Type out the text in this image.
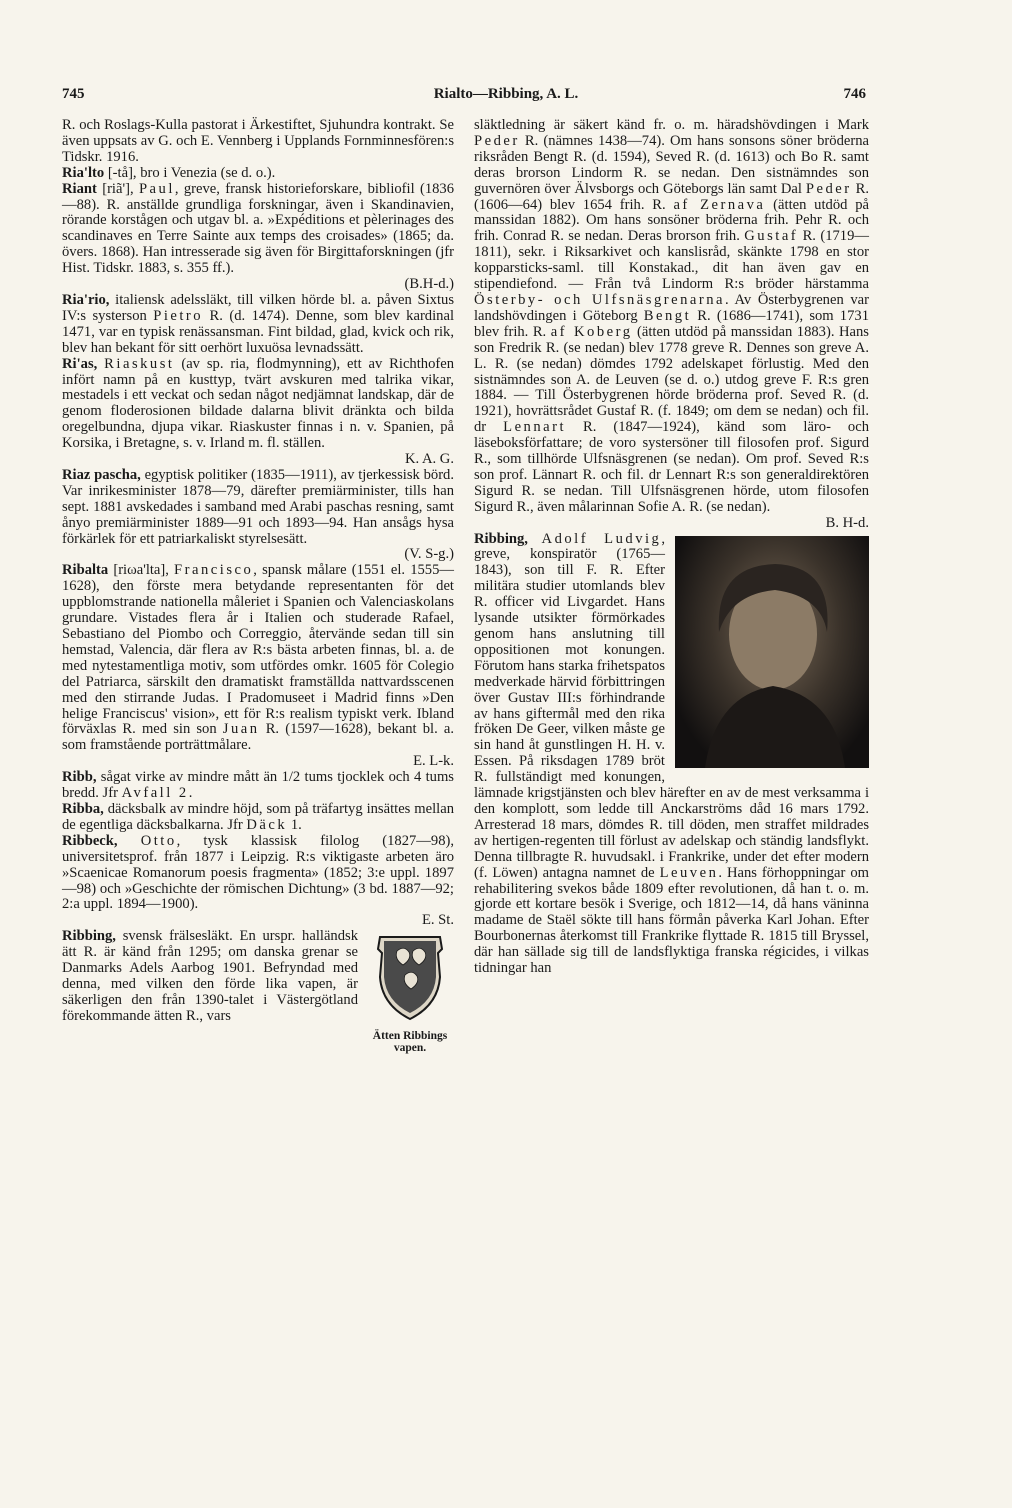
745	Rialto—Ribbing, A. L.	746

R. och Roslags-Kulla pastorat i Ärkestiftet, Sjuhundra kontrakt. Se även uppsats av G. och E. Vennberg i Upplands Fornminnesfören:s Tidskr. 1916.

Ria'lto [-tå], bro i Venezia (se d. o.).

Riant [riã'], Paul, greve, fransk historieforskare, bibliofil (1836—88). R. anställde grundliga forskningar, även i Skandinavien, rörande korstågen och utgav bl. a. »Expéditions et pèlerinages des scandinaves en Terre Sainte aux temps des croisades» (1865; da. övers. 1868). Han intresserade sig även för Birgittaforskningen (jfr Hist. Tidskr. 1883, s. 355 ff.).
(B.H-d.)

Ria'rio, italiensk adelssläkt, till vilken hörde bl. a. påven Sixtus IV:s systerson Pietro R. (d. 1474). Denne, som blev kardinal 1471, var en typisk renässansman. Fint bildad, glad, kvick och rik, blev han bekant för sitt oerhört luxuösa levnadssätt.

Ri'as, Riaskust (av sp. ria, flodmynning), ett av Richthofen infört namn på en kusttyp, tvärt avskuren med talrika vikar, mestadels i ett veckat och sedan något nedjämnat landskap, där de genom floderosionen bildade dalarna blivit dränkta och bilda oregelbundna, djupa vikar. Riaskuster finnas i n. v. Spanien, på Korsika, i Bretagne, s. v. Irland m. fl. ställen.
K. A. G.

Riaz pascha, egyptisk politiker (1835—1911), av tjerkessisk börd. Var inrikesminister 1878—79, därefter premiärminister, tills han sept. 1881 avskedades i samband med Arabi paschas resning, samt ånyo premiärminister 1889—91 och 1893—94. Han ansågs hysa förkärlek för ett patriarkaliskt styrelsesätt.
(V. S-g.)

Ribalta [riωa'lta], Francisco, spansk målare (1551 el. 1555—1628), den förste mera betydande representanten för det uppblomstrande nationella måleriet i Spanien och Valenciaskolans grundare. Vistades flera år i Italien och studerade Rafael, Sebastiano del Piombo och Correggio, återvände sedan till sin hemstad, Valencia, där flera av R:s bästa arbeten finnas, bl. a. de med nytestamentliga motiv, som utfördes omkr. 1605 för Colegio del Patriarca, särskilt den dramatiskt framställda nattvardsscenen med den stirrande Judas. I Pradomuseet i Madrid finns »Den helige Franciscus' vision», ett för R:s realism typiskt verk. Ibland förväxlas R. med sin son Juan R. (1597—1628), bekant bl. a. som framstående porträttmålare.
E. L-k.

Ribb, sågat virke av mindre mått än 1/2 tums tjocklek och 4 tums bredd. Jfr Avfall 2.

Ribba, däcksbalk av mindre höjd, som på träfartyg insättes mellan de egentliga däcksbalkarna. Jfr Däck 1.

Ribbeck, Otto, tysk klassisk filolog (1827—98), universitetsprof. från 1877 i Leipzig. R:s viktigaste arbeten äro »Scaenicae Romanorum poesis fragmenta» (1852; 3:e uppl. 1897—98) och »Geschichte der römischen Dichtung» (3 bd. 1887—92; 2:a uppl. 1894—1900).
E. St.

Ätten Ribbings vapen.

Ribbing, svensk frälsesläkt. En urspr. halländsk ätt R. är känd från 1295; om danska grenar se Danmarks Adels Aarbog 1901. Befryndad med denna, med vilken den förde lika vapen, är säkerligen den från 1390-talet i Västergötland förekommande ätten R., vars

släktledning är säkert känd fr. o. m. häradshövdingen i Mark Peder R. (nämnes 1438—74). Om hans sonsons söner bröderna riksråden Bengt R. (d. 1594), Seved R. (d. 1613) och Bo R. samt deras brorson Lindorm R. se nedan. Den sistnämndes son guvernören över Älvsborgs och Göteborgs län samt Dal Peder R. (1606—64) blev 1654 frih. R. af Zernava (ätten utdöd på manssidan 1882). Om hans sonsöner bröderna frih. Pehr R. och frih. Conrad R. se nedan. Deras brorson frih. Gustaf R. (1719—1811), sekr. i Riksarkivet och kanslisråd, skänkte 1798 en stor kopparsticks-saml. till Konstakad., dit han även gav en stipendiefond. — Från två Lindorm R:s bröder härstamma Österby- och Ulfsnäsgrenarna. Av Österbygrenen var landshövdingen i Göteborg Bengt R. (1686—1741), som 1731 blev frih. R. af Koberg (ätten utdöd på manssidan 1883). Hans son Fredrik R. (se nedan) blev 1778 greve R. Dennes son greve A. L. R. (se nedan) dömdes 1792 adelskapet förlustig. Med den sistnämndes son A. de Leuven (se d. o.) utdog greve F. R:s gren 1884. — Till Österbygrenen hörde bröderna prof. Seved R. (d. 1921), hovrättsrådet Gustaf R. (f. 1849; om dem se nedan) och fil. dr Lennart R. (1847—1924), känd som läro- och läseboksförfattare; de voro systersöner till filosofen prof. Sigurd R., som tillhörde Ulfsnäsgrenen (se nedan). Om prof. Seved R:s son prof. Lännart R. och fil. dr Lennart R:s son generaldirektören Sigurd R. se nedan. Till Ulfsnäsgrenen hörde, utom filosofen Sigurd R., även målarinnan Sofie A. R. (se nedan).
B. H-d.

Ribbing, Adolf Ludvig
, greve, konspiratör (1765—1843), son till F. R. Efter militära studier utomlands blev R. officer vid Livgardet. Hans lysande utsikter förmörkades genom hans anslutning till oppositionen mot konungen. Förutom hans starka frihetspatos medverkade härvid förbittringen över Gustav III:s förhindrande av hans giftermål med den rika fröken De Geer, vilken måste ge sin hand åt gunstlingen H. H. v. Essen. På riksdagen 1789 bröt R. fullständigt med konungen, lämnade krigstjänsten och blev härefter en av de mest verksamma i den komplott, som ledde till Anckarströms dåd 16 mars 1792. Arresterad 18 mars, dömdes R. till döden, men straffet mildrades av hertigen-regenten till förlust av adelskap och ständig landsflykt. Denna tillbragte R. huvudsakl. i Frankrike, under det efter modern (f. Löwen) antagna namnet de Leuven. Hans förhoppningar om rehabilitering svekos både 1809 efter revolutionen, då han t. o. m. gjorde ett kortare besök i Sverige, och 1812—14, då hans väninna madame de Staël sökte till hans förmån påverka Karl Johan. Efter Bourbonernas återkomst till Frankrike flyttade R. 1815 till Bryssel, där han sällade sig till de landsflyktiga franska régicides, i vilkas tidningar han
